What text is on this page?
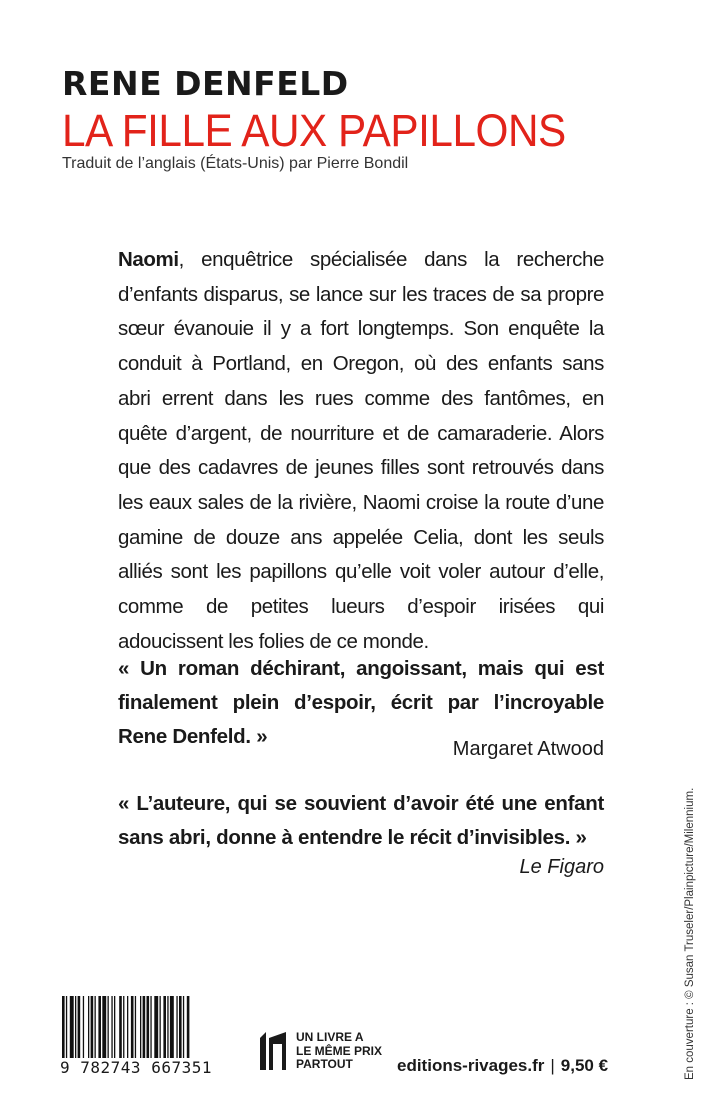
RENE DENFELD
LA FILLE AUX PAPILLONS
Traduit de l’anglais (États-Unis) par Pierre Bondil
Naomi, enquêtrice spécialisée dans la recherche d’enfants disparus, se lance sur les traces de sa propre sœur évanouie il y a fort longtemps. Son enquête la conduit à Portland, en Oregon, où des enfants sans abri errent dans les rues comme des fantômes, en quête d’argent, de nourriture et de camaraderie. Alors que des cadavres de jeunes filles sont retrouvés dans les eaux sales de la rivière, Naomi croise la route d’une gamine de douze ans appelée Celia, dont les seuls alliés sont les papillons qu’elle voit voler autour d’elle, comme de petites lueurs d’espoir irisées qui adoucissent les folies de ce monde.
« Un roman déchirant, angoissant, mais qui est finalement plein d’espoir, écrit par l’incroyable Rene Denfeld. »
Margaret Atwood
« L’auteure, qui se souvient d’avoir été une enfant sans abri, donne à entendre le récit d’invisibles. »
Le Figaro	En couverture : © Susan Truseler/Plainpicture/Milennium.
9 782743 667351
UN LIVRE A
LE MÊME PRIX
PARTOUT	editions-rivages.fr | 9,50 €
